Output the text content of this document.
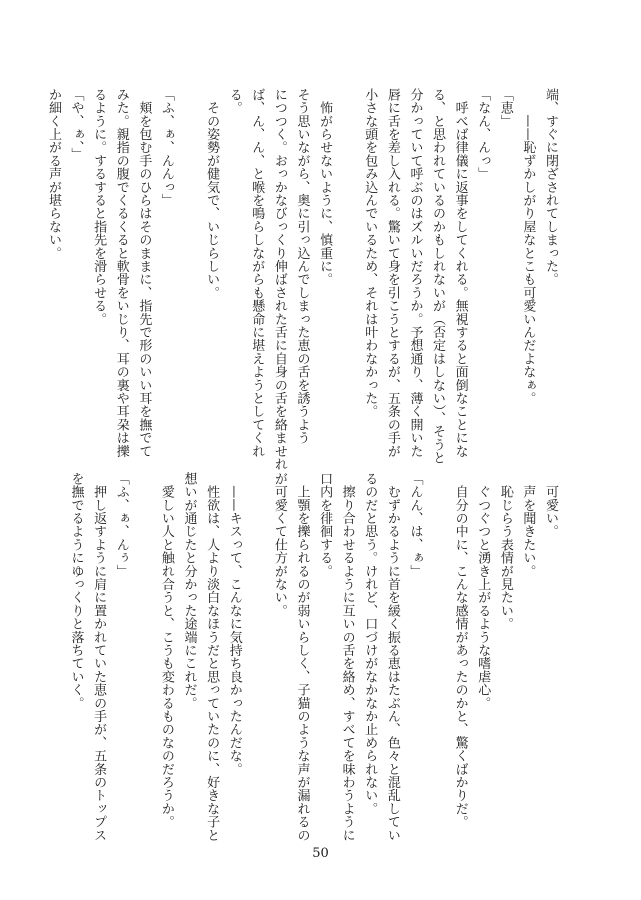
端、すぐに閉ざされてしまった。
　　——恥ずかしがり屋なとこも可愛いんだよなぁ。
「恵」
「なん、んっ」
　呼べば律儀に返事をしてくれる。無視すると面倒なことにな
る、と思われているのかもしれないが（否定はしない）、そうと
分かっていて呼ぶのはズルいだろうか。予想通り、薄く開いた
唇に舌を差し入れる。驚いて身を引こうとするが、五条の手が
小さな頭を包み込んでいるため、それは叶わなかった。

　怖がらせないように、慎重に。
そう思いながら、奥に引っ込んでしまった恵の舌を誘うよう
につつく。おっかなびっくり伸ばされた舌に自身の舌を絡ませれ
ば、ん、ん、と喉を鳴らしながらも懸命に堪えようとしてくれ
る。
　その姿勢が健気で、いじらしい。

「ふ、ぁ、んんっ」
　頬を包む手のひらはそのままに、指先で形のいい耳を撫でて
みた。親指の腹でくるくると軟骨をいじり、耳の裏や耳朶は擽
るように。するすると指先を滑らせる。
「や、ぁ、」
か細く上がる声が堪らない。
　可愛い。
　声を聞きたい。
　恥じらう表情が見たい。
　ぐつぐつと湧き上がるような嗜虐心。
　自分の中に、こんな感情があったのかと、驚くばかりだ。

「んん、は、ぁ」
　むずかるように首を緩く振る恵はたぶん、色々と混乱してい
るのだと思う。けれど、口づけがなかなか止められない。
　擦り合わせるように互いの舌を絡め、すべてを味わうように
口内を徘徊する。
　上顎を擽られるのが弱いらしく、子猫のような声が漏れるの
が可愛くて仕方がない。

　——キスって、こんなに気持ち良かったんだな。
　性欲は、人より淡白なほうだと思っていたのに、好きな子と
想いが通じたと分かった途端にこれだ。
　愛しい人と触れ合うと、こうも変わるものなのだろうか。

「ふ、ぁ、んぅ」
　押し返すように肩に置かれていた恵の手が、五条のトップス
を撫でるようにゆっくりと落ちていく。
50
